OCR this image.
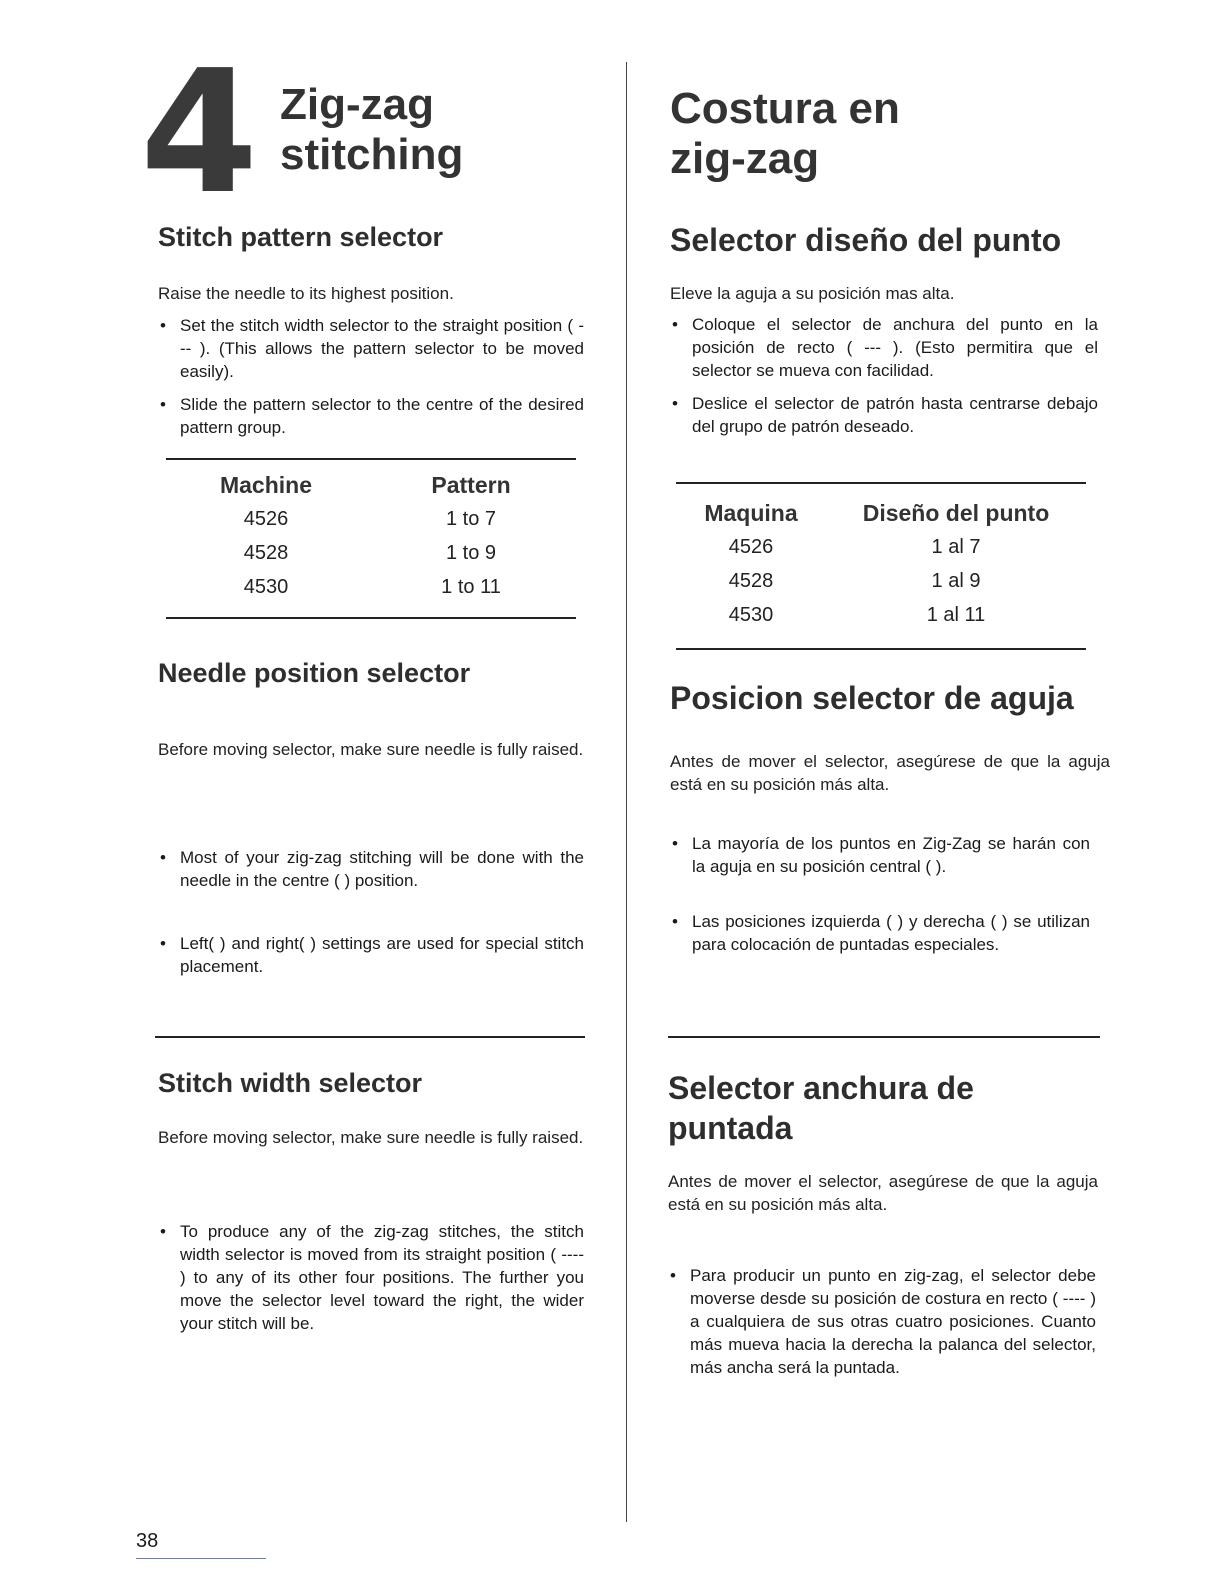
4 Zig-zag
stitching
Costura en
zig-zag
Stitch pattern selector
Raise the needle to its highest position.
• Set the stitch width selector to the straight position ( --- ). (This allows the pattern selector to be moved easily).
• Slide the pattern selector to the centre of the desired pattern group.
Machine	Pattern
4526	1 to 7
4528	1 to 9
4530	1 to 11
Needle position selector
Before moving selector, make sure needle is fully raised.
• Most of your zig-zag stitching will be done with the needle in the centre ( ) position.
• Left( ) and right( ) settings are used for special stitch placement.
Stitch width selector
Before moving selector, make sure needle is fully raised.
• To produce any of the zig-zag stitches, the stitch width selector is moved from its straight position ( ---- ) to any of its other four positions. The further you move the selector level toward the right, the wider your stitch will be.
Selector diseño del punto
Eleve la aguja a su posición mas alta.
• Coloque el selector de anchura del punto en la posición de recto ( --- ). (Esto permitira que el selector se mueva con facilidad.
• Deslice el selector de patrón hasta centrarse debajo del grupo de patrón deseado.
Maquina	Diseño del punto
4526	1 al 7
4528	1 al 9
4530	1 al 11
Posicion selector de aguja
Antes de mover el selector, asegúrese de que la aguja está en su posición más alta.
• La mayoría de los puntos en Zig-Zag se harán con la aguja en su posición central ( ).
• Las posiciones izquierda ( ) y derecha ( ) se utilizan para colocación de puntadas especiales.
Selector anchura de
puntada
Antes de mover el selector, asegúrese de que la aguja está en su posición más alta.
• Para producir un punto en zig-zag, el selector debe moverse desde su posición de costura en recto ( ---- ) a cualquiera de sus otras cuatro posiciones. Cuanto más mueva hacia la derecha la palanca del selector, más ancha será la puntada.
38
